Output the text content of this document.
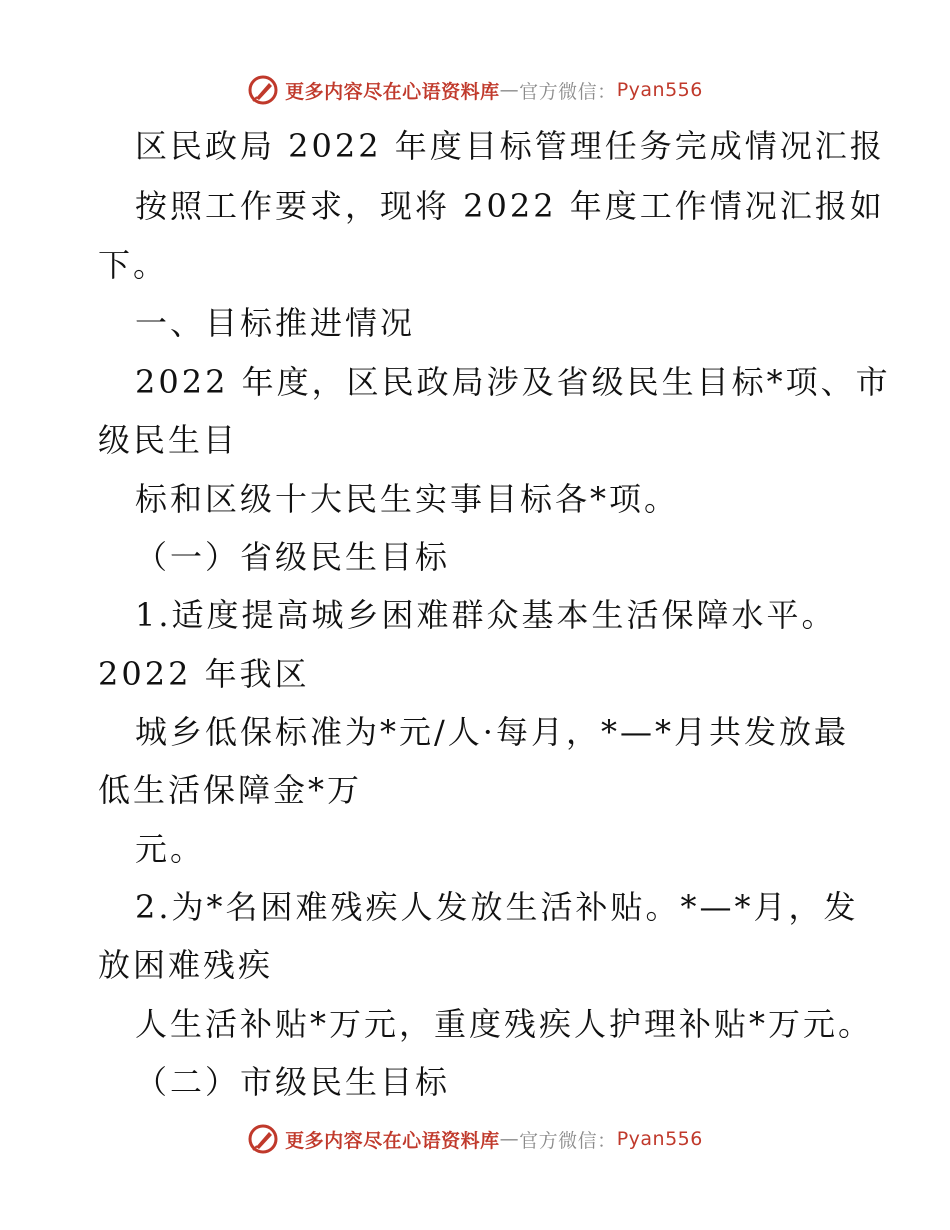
更多内容尽在心语资料库 — 官方微信： Pyan556
区民政局 2022 年度目标管理任务完成情况汇报
按照工作要求，现将 2022 年度工作情况汇报如
下。
一、目标推进情况
2022 年度，区民政局涉及省级民生目标*项、市
级民生目
标和区级十大民生实事目标各*项。
（一）省级民生目标
1.适度提高城乡困难群众基本生活保障水平。
2022 年我区
城乡低保标准为*元/人·每月，*—*月共发放最
低生活保障金*万
元。
2.为*名困难残疾人发放生活补贴。*—*月，发
放困难残疾
人生活补贴*万元，重度残疾人护理补贴*万元。
（二）市级民生目标
更多内容尽在心语资料库 — 官方微信： Pyan556
